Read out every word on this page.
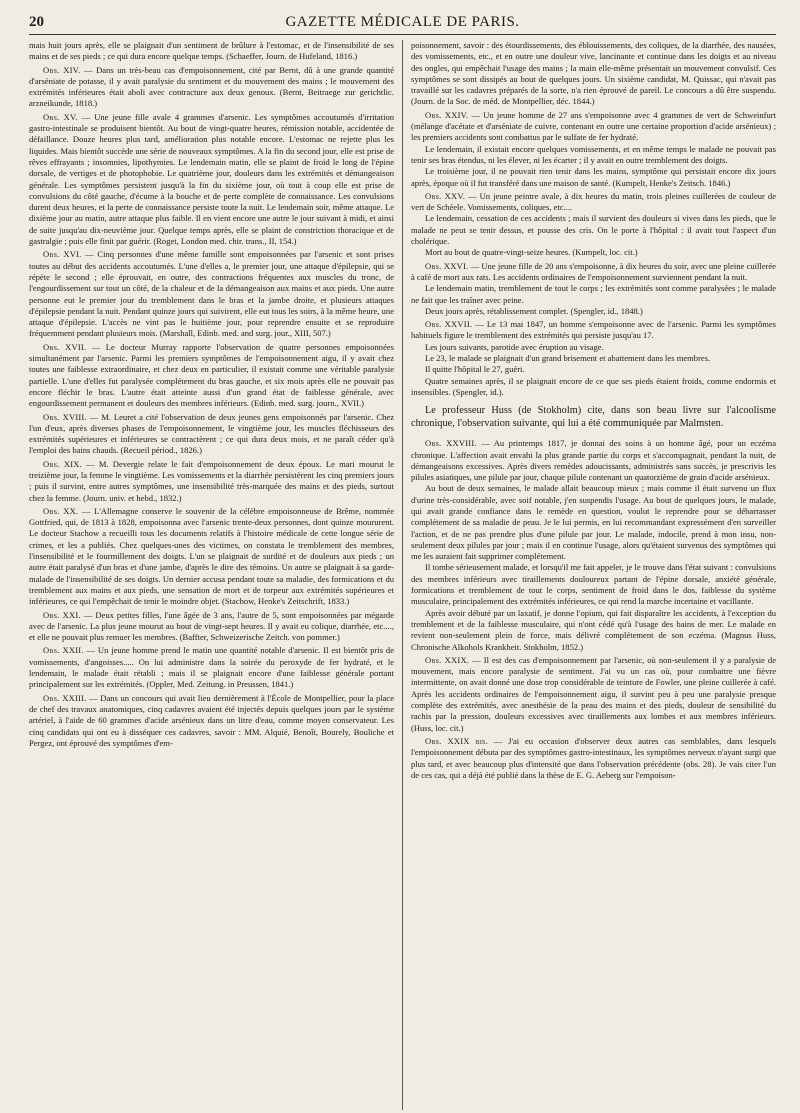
20	GAZETTE MÉDICALE DE PARIS.

mais huit jours après, elle se plaignait d'un sentiment de brûlure à l'estomac, et de l'insensibilité de ses mains et de ses pieds ; ce qui dura encore quelque temps. (Schaeffer, Journ. de Hufeland, 1816.)

Obs. XIV. — Dans un très-beau cas d'empoisonnement, cité par Bernt, dû à une grande quantité d'arséniate de potasse, il y avait paralysie du sentiment et du mouvement des mains ; le mouvement des extrémités inférieures était aboli avec contracture aux deux genoux. (Bernt, Beitraege zur gerichtlic. arzneikunde, 1818.)

Obs. XV. — Une jeune fille avale 4 grammes d'arsenic. Les symptômes accoutumés d'irritation gastro-intestinale se produisent bientôt. Au bout de vingt-quatre heures, rémission notable, accidentée de défaillance. Douze heures plus tard, amélioration plus notable encore. L'estomac ne rejette plus les liquides. Mais bientôt succède une série de nouveaux symptômes. A la fin du second jour, elle est prise de rêves effrayants ; insomnies, lipothymies. Le lendemain matin, elle se plaint de froid le long de l'épine dorsale, de vertiges et de photophobie. Le quatrième jour, douleurs dans les extrémités et démangeaison générale. Les symptômes persistent jusqu'à la fin du sixième jour, où tout à coup elle est prise de convulsions du côté gauche, d'écume à la bouche et de perte complète de connaissance. Les convulsions durent deux heures, et la perte de connaissance persiste toute la nuit. Le lendemain soir, même attaque. Le dixième jour au matin, autre attaque plus faible. Il en vient encore une autre le jour suivant à midi, et ainsi de suite jusqu'au dix-neuvième jour. Quelque temps après, elle se plaint de constriction thoracique et de gastralgie ; puis elle finit par guérir. (Roget, London med. chir. trans., II, 154.)

Obs. XVI. — Cinq personnes d'une même famille sont empoisonnées par l'arsenic et sont prises toutes au début des accidents accoutumés. L'une d'elles a, le premier jour, une attaque d'épilepsie, qui se répète le second ; elle éprouvait, en outre, des contractions fréquentes aux muscles du tronc, de l'engourdissement sur tout un côté, de la chaleur et de la démangeaison aux mains et aux pieds. Une autre personne eut le premier jour du tremblement dans le bras et la jambe droite, et plusieurs attaques d'épilepsie pendant la nuit. Pendant quinze jours qui suivirent, elle eut tous les soirs, à la même heure, une attaque d'épilepsie. L'accès ne vint pas le huitième jour, pour reprendre ensuite et se reproduire fréquemment pendant plusieurs mois. (Marshall, Edinb. med. and surg. jour., XIII, 507.)

Obs. XVII. — Le docteur Murray rapporte l'observation de quatre personnes empoisonnées simultanément par l'arsenic. Parmi les premiers symptômes de l'empoisonnement aigu, il y avait chez toutes une faiblesse extraordinaire, et chez deux en particulier, il existait comme une véritable paralysie partielle. L'une d'elles fut paralysée complétement du bras gauche, et six mois après elle ne pouvait pas encore fléchir le bras. L'autre était atteinte aussi d'un grand état de faiblesse générale, avec engourdissement permanent et douleurs des membres inférieurs. (Edinb. med. surg. journ., XVII.)

Obs. XVIII. — M. Leuret a cité l'observation de deux jeunes gens empoisonnés par l'arsenic. Chez l'un d'eux, après diverses phases de l'empoisonnement, le vingtième jour, les muscles fléchisseurs des extrémités supérieures et inférieures se contractèrent ; ce qui dura deux mois, et ne paraît céder qu'à l'emploi des bains chauds. (Recueil périod., 1826.)

Obs. XIX. — M. Devergie relate le fait d'empoisonnement de deux époux. Le mari mourut le treizième jour, la femme le vingtième. Les vomissements et la diarrhée persistèrent les cinq premiers jours ; puis il survint, entre autres symptômes, une insensibilité très-marquée des mains et des pieds, surtout chez la femme. (Journ. univ. et hebd., 1832.)

Obs. XX. — L'Allemagne conserve le souvenir de la célèbre empoisonneuse de Brême, nommée Gottfried, qui, de 1813 à 1828, empoisonna avec l'arsenic trente-deux personnes, dont quinze moururent. Le docteur Stachow a recueilli tous les documents relatifs à l'histoire médicale de cette longue série de crimes, et les a publiés. Chez quelques-unes des victimes, on constata le tremblement des membres, l'insensibilité et le fourmillement des doigts. L'un se plaignait de surdité et de douleurs aux pieds ; un autre était paralysé d'un bras et d'une jambe, d'après le dire des témoins. Un autre se plaignait à sa garde-malade de l'insensibilité de ses doigts. Un dernier accusa pendant toute sa maladie, des formications et du tremblement aux mains et aux pieds, une sensation de mort et de torpeur aux extrémités supérieures et inférieures, ce qui l'empêchait de tenir le moindre objet. (Stachow, Henke's Zeitschrift, 1833.)

Obs. XXI. — Deux petites filles, l'une âgée de 3 ans, l'autre de 5, sont empoisonnées par mégarde avec de l'arsenic. La plus jeune mourut au bout de vingt-sept heures. Il y avait eu colique, diarrhée, etc...., et elle ne pouvait plus remuer les membres. (Baffter, Schweizerische Zeitch. von pommer.)

Obs. XXII. — Un jeune homme prend le matin une quantité notable d'arsenic. Il est bientôt pris de vomissements, d'angoisses..... On lui administre dans la soirée du peroxyde de fer hydraté, et le lendemain, le malade était rétabli ; mais il se plaignait encore d'une faiblesse générale portant principalement sur les extrémités. (Oppler, Med. Zeitung. in Preussen, 1841.)

Obs. XXIII. — Dans un concours qui avait lieu dernièrement à l'École de Montpellier, pour la place de chef des travaux anatomiques, cinq cadavres avaient été injectés depuis quelques jours par le système artériel, à l'aide de 60 grammes d'acide arsénieux dans un litre d'eau, comme moyen conservateur. Les cinq candidats qui ont eu à disséquer ces cadavres, savoir : MM. Alquié, Benoît, Bourely, Bouliche et Pergez, ont éprouvé des symptômes d'em-

poisonnement, savoir : des étourdissements, des éblouissements, des coliques, de la diarrhée, des nausées, des vomissements, etc., et en outre une douleur vive, lancinante et continue dans les doigts et au niveau des ongles, qui empêchait l'usage des mains ; la main elle-même présentait un mouvement convulsif. Ces symptômes se sont dissipés au bout de quelques jours. Un sixième candidat, M. Quissac, qui n'avait pas travaillé sur les cadavres préparés de la sorte, n'a rien éprouvé de pareil. Le concours a dû être suspendu. (Journ. de la Soc. de méd. de Montpellier, déc. 1844.)

Obs. XXIV. — Un jeune homme de 27 ans s'empoisonne avec 4 grammes de vert de Schweinfurt (mélange d'acétate et d'arséniate de cuivre, contenant en outre une certaine proportion d'acide arsénieux) ; les premiers accidents sont combattus par le sulfate de fer hydraté.

Le lendemain, il existait encore quelques vomissements, et en même temps le malade ne pouvait pas tenir ses bras étendus, ni les élever, ni les écarter ; il y avait en outre tremblement des doigts.

Le troisième jour, il ne pouvait rien tenir dans les mains, symptôme qui persistait encore dix jours après, époque où il fut transféré dans une maison de santé. (Kumpelt, Henke's Zeitsch. 1846.)

Obs. XXV. — Un jeune peintre avale, à dix heures du matin, trois pleines cuillerées de couleur de vert de Schéele. Vomissements, coliques, etc....

Le lendemain, cessation de ces accidents ; mais il survient des douleurs si vives dans les pieds, que le malade ne peut se tenir dessus, et pousse des cris. On le porte à l'hôpital : il avait tout l'aspect d'un cholérique.

Mort au bout de quatre-vingt-seize heures. (Kumpelt, loc. cit.)

Obs. XXVI. — Une jeune fille de 20 ans s'empoisonne, à dix heures du soir, avec une pleine cuillerée à café de mort aux rats. Les accidents ordinaires de l'empoisonnement surviennent pendant la nuit.

Le lendemain matin, tremblement de tout le corps ; les extrémités sont comme paralysées ; le malade ne fait que les traîner avec peine.

Deux jours après, rétablissement complet. (Spengler, id., 1848.)

Obs. XXVII. — Le 13 mai 1847, un homme s'empoisonne avec de l'arsenic. Parmi les symptômes habituels figure le tremblement des extrémités qui persiste jusqu'au 17.

Les jours suivants, parotide avec éruption au visage.

Le 23, le malade se plaignait d'un grand brisement et abattement dans les membres.

Il quitte l'hôpital le 27, guéri.

Quatre semaines après, il se plaignait encore de ce que ses pieds étaient froids, comme endormis et insensibles. (Spengler, id.).

Le professeur Huss (de Stokholm) cite, dans son beau livre sur l'alcoolisme chronique, l'observation suivante, qui lui a été communiquée par Malmsten.

Obs. XXVIII. — Au printemps 1817, je donnai des soins à un homme âgé, pour un eczéma chronique. L'affection avait envahi la plus grande partie du corps et s'accompagnait, pendant la nuit, de démangeaisons excessives. Après divers remèdes adoucissants, administrés sans succès, je prescrivis les pilules asiatiques, une pilule par jour, chaque pilule contenant un quatorzième de grain d'acide arsénieux.

Au bout de deux semaines, le malade allait beaucoup mieux ; mais comme il était survenu un flux d'urine très-considérable, avec soif notable, j'en suspendis l'usage. Au bout de quelques jours, le malade, qui avait grande confiance dans le remède en question, voulut le reprendre pour se débarrasser complétement de sa maladie de peau. Je le lui permis, en lui recommandant expressément d'en surveiller l'action, et de ne pas prendre plus d'une pilule par jour. Le malade, indocile, prend à mon insu, non-seulement deux pilules par jour ; mais il en continue l'usage, alors qu'étaient survenus des symptômes qui me les auraient fait supprimer complétement.

Il tombe sérieusement malade, et lorsqu'il me fait appeler, je le trouve dans l'état suivant : convulsions des membres inférieurs avec tiraillements douloureux partant de l'épine dorsale, anxiété générale, formications et tremblement de tout le corps, sentiment de froid dans le dos, faiblesse du système musculaire, principalement des extrémités inférieures, ce qui rend la marche incertaine et vacillante.

Après avoir débuté par un laxatif, je donne l'opium, qui fait disparaître les accidents, à l'exception du tremblement et de la faiblesse musculaire, qui n'ont cédé qu'à l'usage des bains de mer. Le malade en revient non-seulement plein de force, mais délivré complétement de son eczéma. (Magnus Huss, Chronische Alkohols Krankheit. Stokholm, 1852.)

Obs. XXIX. — Il est des cas d'empoisonnement par l'arsenic, où non-seulement il y a paralysie de mouvement, mais encore paralysie de sentiment. J'ai vu un cas où, pour combattre une fièvre intermittente, on avait donné une dose trop considérable de teinture de Fowler, une pleine cuillerée à café. Après les accidents ordinaires de l'empoisonnement aigu, il survint peu à peu une paralysie presque complète des extrémités, avec anesthésie de la peau des mains et des pieds, douleur de sensibilité du rachis par la pression, douleurs excessives avec tiraillements aux lombes et aux membres inférieurs. (Huss, loc. cit.)

Obs. XXIX bis. — J'ai eu occasion d'observer deux autres cas semblables, dans lesquels l'empoisonnement débuta par des symptômes gastro-intestinaux, les symptômes nerveux n'ayant surgi que plus tard, et avec beaucoup plus d'intensité que dans l'observation précédente (obs. 28). Je vais citer l'un de ces cas, qui a déjà été publié dans la thèse de E. G. Aeberg sur l'empoison-
